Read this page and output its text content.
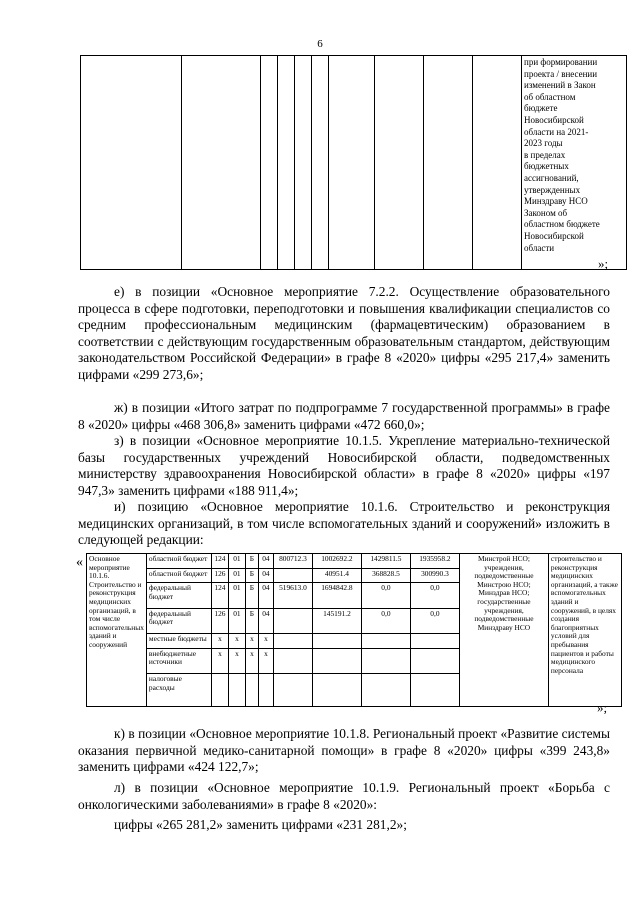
6

при формировании
проекта / внесении
изменений в Закон
об областном
бюджете
Новосибирской
области на 2021-
2023 годы
в пределах
бюджетных
ассигнований,
утвержденных
Минздраву НСО
Законом об
областном бюджете
Новосибирской
области
»;

е) в позиции «Основное мероприятие 7.2.2. Осуществление образовательного процесса в сфере подготовки, переподготовки и повышения квалификации специалистов со средним профессиональным медицинским (фармацевтическим) образованием в соответствии с действующим государственным образовательным стандартом, действующим законодательством Российской Федерации» в графе 8 «2020» цифры «295 217,4» заменить цифрами «299 273,6»;

ж) в позиции «Итого затрат по подпрограмме 7 государственной программы» в графе 8 «2020» цифры «468 306,8» заменить цифрами «472 660,0»;

з) в позиции «Основное мероприятие 10.1.5. Укрепление материально-технической базы государственных учреждений Новосибирской области, подведомственных министерству здравоохранения Новосибирской области» в графе 8 «2020» цифры «197 947,3» заменить цифрами «188 911,4»;

и) позицию «Основное мероприятие 10.1.6. Строительство и реконструкция медицинских организаций, в том числе вспомогательных зданий и сооружений» изложить в следующей редакции:

« Основное мероприятие 10.1.6. Строительство и реконструкция медицинских организаций, в том числе вспомогательных зданий и сооружений	областной бюджет	124	01	Б	04	800712.3	1002692.2	1429811.5	1935958.2	Минстрой НСО; учреждения, подведомственные Минстрою НСО; Минздрав НСО; государственные учреждения, подведомственные Минздраву НСО	строительство и реконструкция медицинских организаций, а также вспомогательных зданий и сооружений, в целях создания благоприятных условий для пребывания пациентов и работы медицинского персонала
	областной бюджет	126	01	Б	04		40951.4	368828.5	300990.3		
	федеральный бюджет	124	01	Б	04	519613.0	1694842.8	0,0	0,0		
	федеральный бюджет	126	01	Б	04		145191.2	0,0	0,0		
	местные бюджеты	x	x	x	x						
	внебюджетные источники	x	x	x	x						
	налоговые расходы										
»;

к) в позиции «Основное мероприятие 10.1.8. Региональный проект «Развитие системы оказания первичной медико-санитарной помощи» в графе 8 «2020» цифры «399 243,8» заменить цифрами «424 122,7»;

л) в позиции «Основное мероприятие 10.1.9. Региональный проект «Борьба с онкологическими заболеваниями» в графе 8 «2020»:

цифры «265 281,2» заменить цифрами «231 281,2»;
